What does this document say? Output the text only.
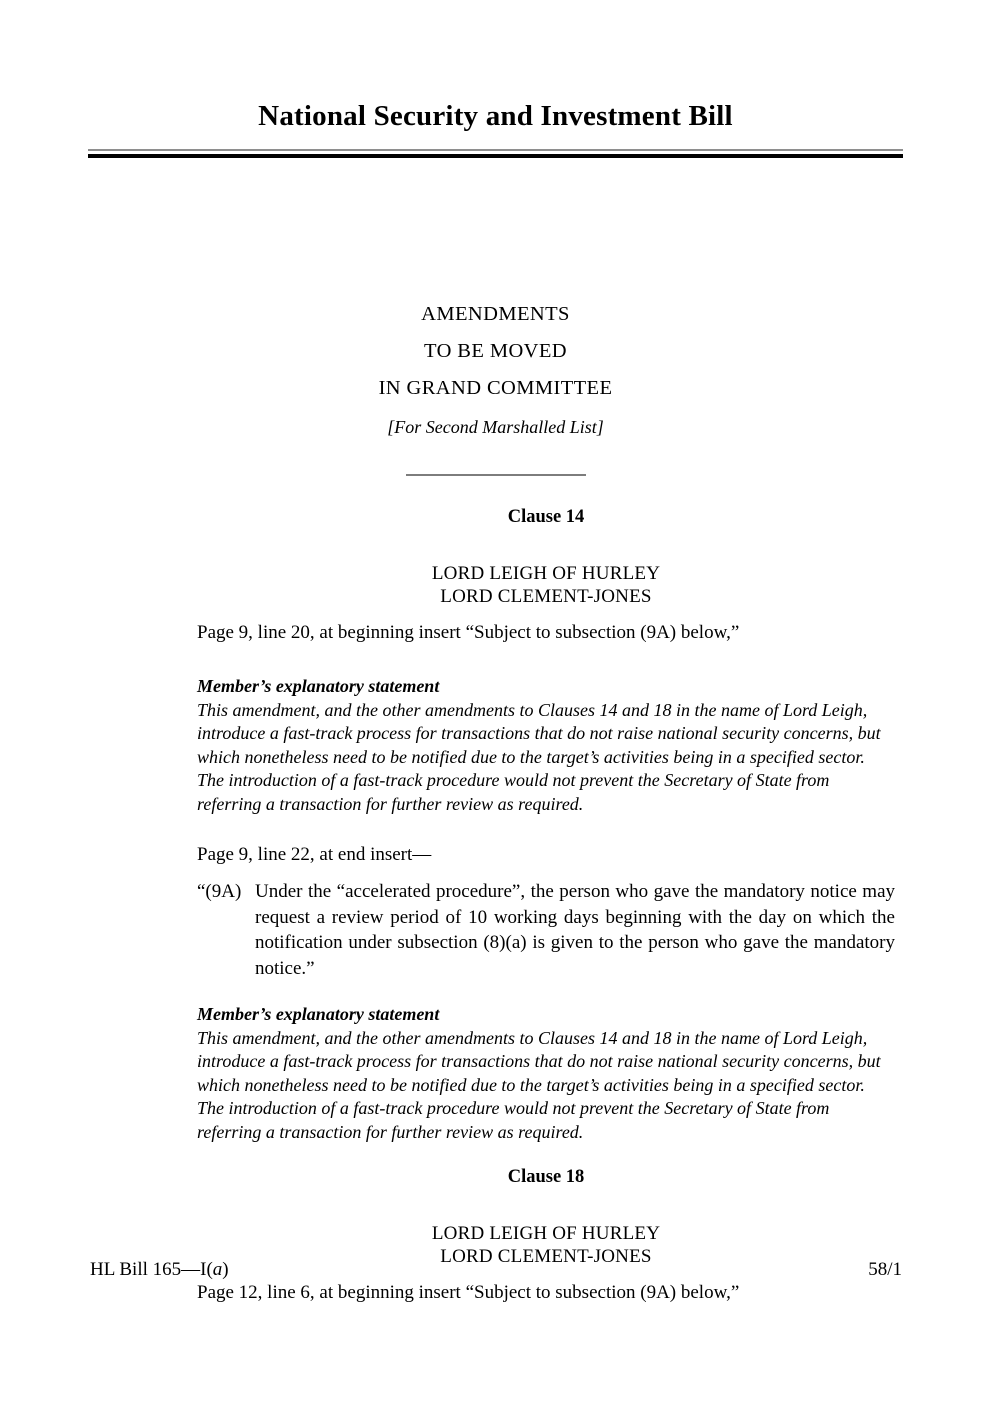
National Security and Investment Bill
AMENDMENTS
TO BE MOVED
IN GRAND COMMITTEE
[For Second Marshalled List]
Clause 14
LORD LEIGH OF HURLEY
LORD CLEMENT-JONES
Page 9, line 20, at beginning insert “Subject to subsection (9A) below,”
Member’s explanatory statement
This amendment, and the other amendments to Clauses 14 and 18 in the name of Lord Leigh, introduce a fast-track process for transactions that do not raise national security concerns, but which nonetheless need to be notified due to the target’s activities being in a specified sector. The introduction of a fast-track procedure would not prevent the Secretary of State from referring a transaction for further review as required.
Page 9, line 22, at end insert—
“(9A) Under the “accelerated procedure”, the person who gave the mandatory notice may request a review period of 10 working days beginning with the day on which the notification under subsection (8)(a) is given to the person who gave the mandatory notice.”
Member’s explanatory statement
This amendment, and the other amendments to Clauses 14 and 18 in the name of Lord Leigh, introduce a fast-track process for transactions that do not raise national security concerns, but which nonetheless need to be notified due to the target’s activities being in a specified sector. The introduction of a fast-track procedure would not prevent the Secretary of State from referring a transaction for further review as required.
Clause 18
LORD LEIGH OF HURLEY
LORD CLEMENT-JONES
Page 12, line 6, at beginning insert “Subject to subsection (9A) below,”
HL Bill 165—I(a)	58/1
